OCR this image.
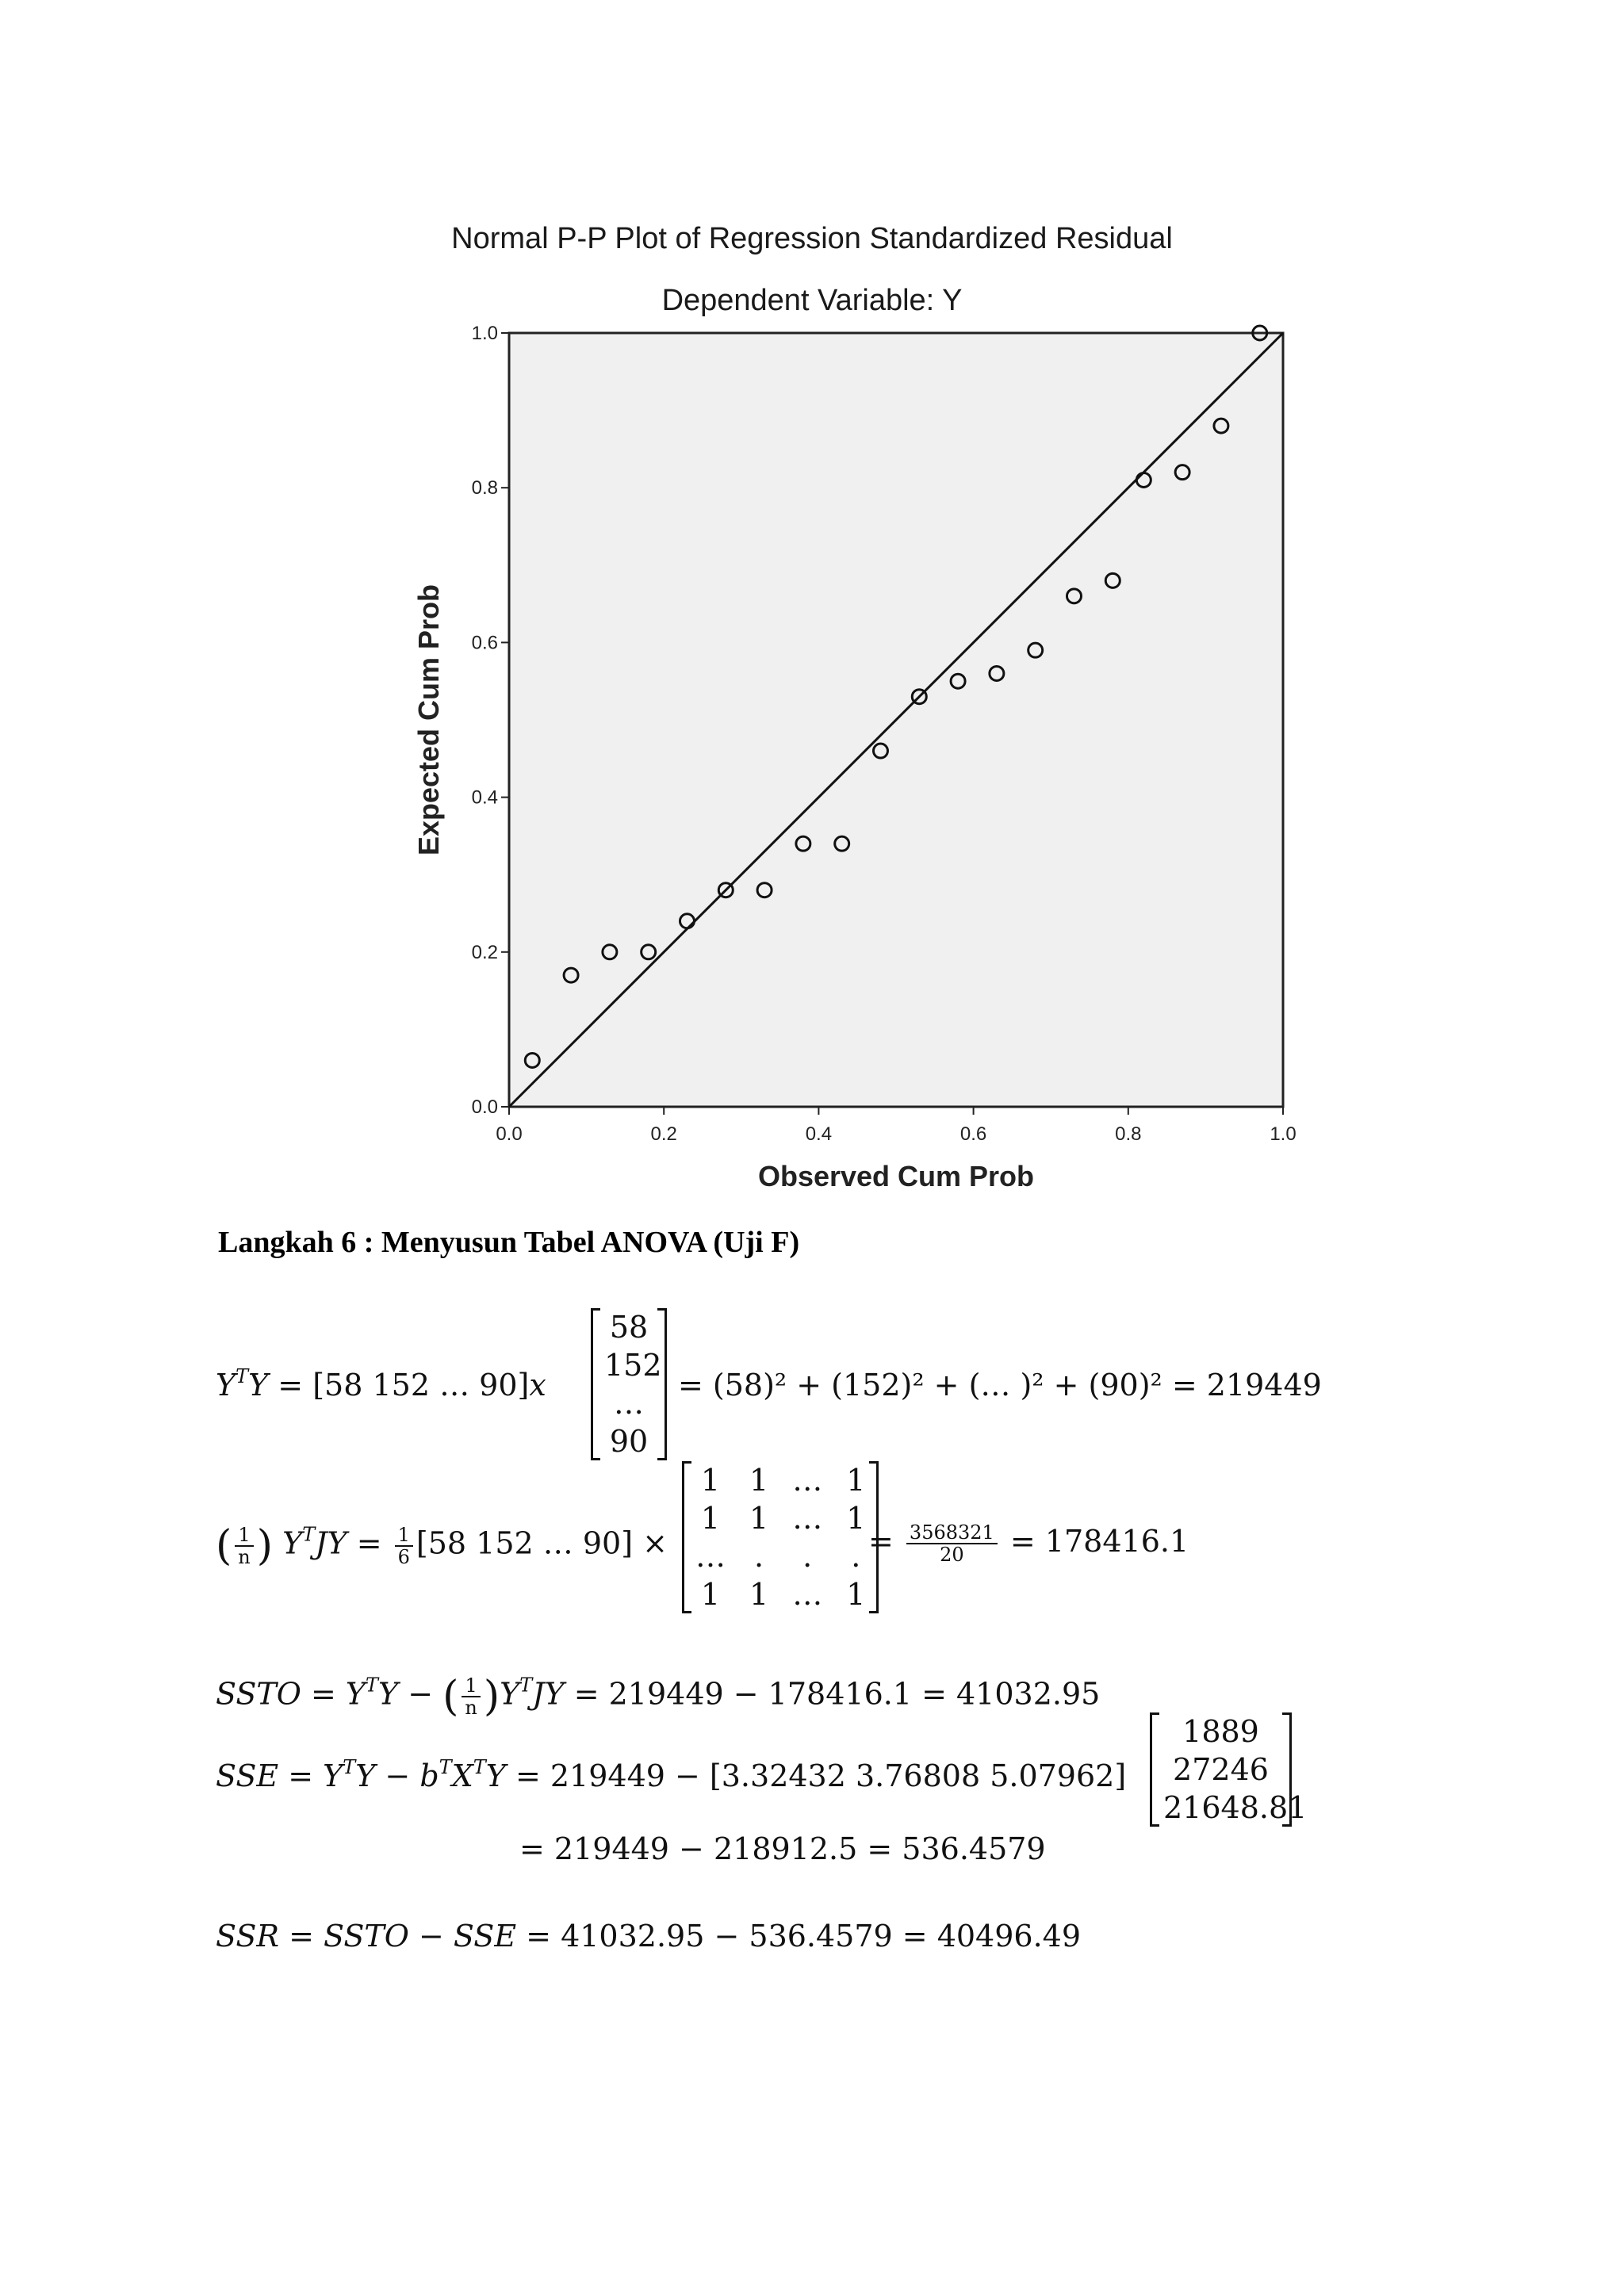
Normal P-P Plot of Regression Standardized Residual
Dependent Variable: Y
0.0	0.2	0.4	0.6	0.8	1.0
0.0
0.2
0.4
0.6
0.8
1.0
Observed Cum Prob
Expected Cum Prob
Langkah 6 : Menyusun Tabel ANOVA (Uji F)
$Y^TY = [58$ 152 … 90]x
58
152
…
90
= (58)² + (152)² + (… )² + (90)² = 219449
( $\frac{1}{n}$ ) $Y^TJY = \frac{1}{6} [58$ 152 … 90] ×
1 1 … 1
1 1 … 1
… .	.	.
1 1 … 1
= $\frac{3568321}{20} = 178416.1$
SSTO = $Y^TY$ − ( $\frac{1}{n} )Y^TJY = 219449 - 178416.1 = 41032.95$
SSE = $Y^TY - b^TX^TY = 219449 - [3.32432$ 3.76808 5.07962]
1889
27246
21648.81
= 219449 − 218912.5 = 536.4579
SSR = SSTO − SSE = 41032.95 − 536.4579 = 40496.49
